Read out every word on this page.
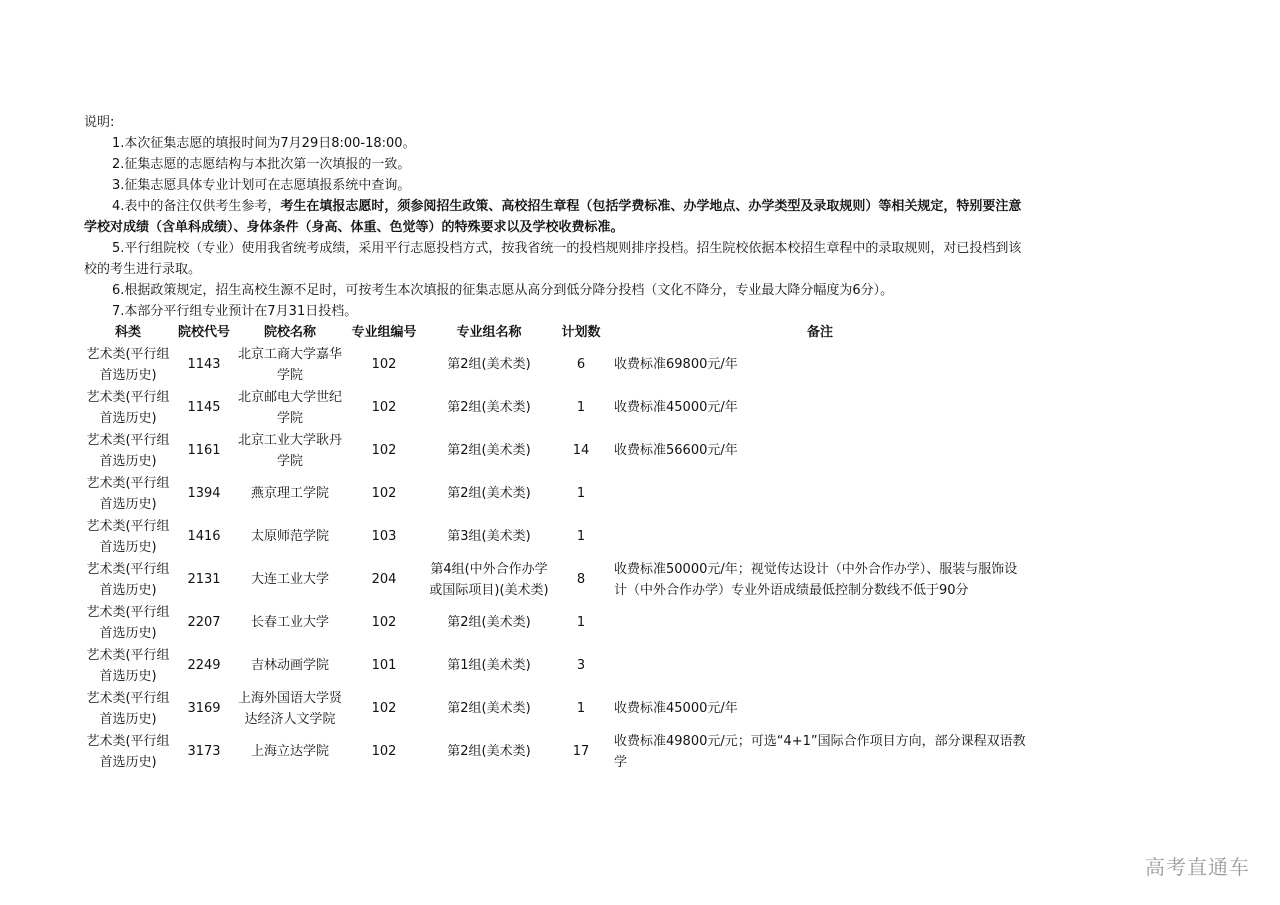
说明:

1.本次征集志愿的填报时间为7月29日8:00-18:00。

2.征集志愿的志愿结构与本批次第一次填报的一致。

3.征集志愿具体专业计划可在志愿填报系统中查询。

4.表中的备注仅供考生参考，考生在填报志愿时，须参阅招生政策、高校招生章程（包括学费标准、办学地点、办学类型及录取规则）等相关规定，特别要注意学校对成绩（含单科成绩）、身体条件（身高、体重、色觉等）的特殊要求以及学校收费标准。

5.平行组院校（专业）使用我省统考成绩，采用平行志愿投档方式，按我省统一的投档规则排序投档。招生院校依据本校招生章程中的录取规则，对已投档到该校的考生进行录取。

6.根据政策规定，招生高校生源不足时，可按考生本次填报的征集志愿从高分到低分降分投档（文化不降分，专业最大降分幅度为6分）。

7.本部分平行组专业预计在7月31日投档。

科类	院校代号	院校名称	专业组编号	专业组名称	计划数	备注
艺术类(平行组首选历史)	1143	北京工商大学嘉华学院	102	第2组(美术类)	6	收费标准69800元/年
艺术类(平行组首选历史)	1145	北京邮电大学世纪学院	102	第2组(美术类)	1	收费标准45000元/年
艺术类(平行组首选历史)	1161	北京工业大学耿丹学院	102	第2组(美术类)	14	收费标准56600元/年
艺术类(平行组首选历史)	1394	燕京理工学院	102	第2组(美术类)	1	
艺术类(平行组首选历史)	1416	太原师范学院	103	第3组(美术类)	1	
艺术类(平行组首选历史)	2131	大连工业大学	204	第4组(中外合作办学或国际项目)(美术类)	8	收费标准50000元/年；视觉传达设计（中外合作办学）、服装与服饰设计（中外合作办学）专业外语成绩最低控制分数线不低于90分
艺术类(平行组首选历史)	2207	长春工业大学	102	第2组(美术类)	1	
艺术类(平行组首选历史)	2249	吉林动画学院	101	第1组(美术类)	3	
艺术类(平行组首选历史)	3169	上海外国语大学贤达经济人文学院	102	第2组(美术类)	1	收费标准45000元/年
艺术类(平行组首选历史)	3173	上海立达学院	102	第2组(美术类)	17	收费标准49800元/元；可选“4+1”国际合作项目方向，部分课程双语教学
高考直通车
